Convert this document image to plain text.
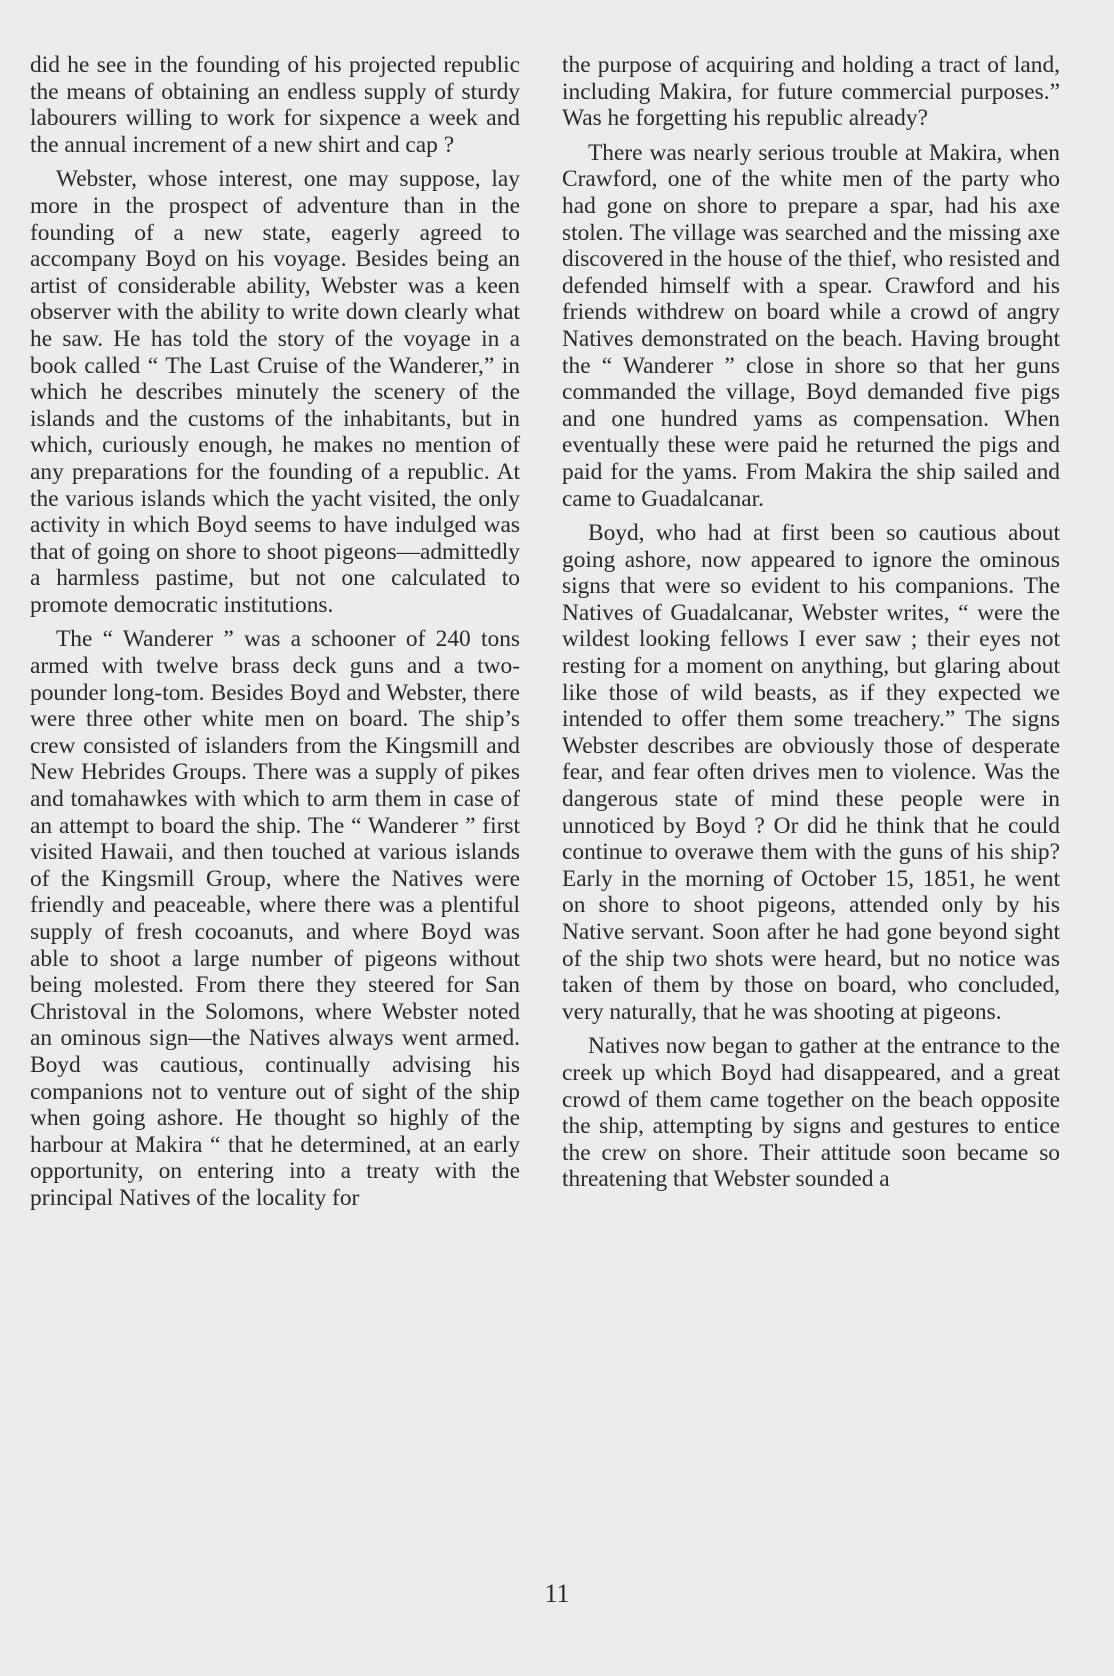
did he see in the founding of his projected republic the means of obtaining an endless supply of sturdy labourers willing to work for sixpence a week and the annual increment of a new shirt and cap ?

Webster, whose interest, one may suppose, lay more in the prospect of adventure than in the founding of a new state, eagerly agreed to accompany Boyd on his voyage. Besides being an artist of considerable ability, Webster was a keen observer with the ability to write down clearly what he saw. He has told the story of the voyage in a book called “ The Last Cruise of the Wanderer,” in which he describes minutely the scenery of the islands and the customs of the inhabitants, but in which, curiously enough, he makes no mention of any preparations for the founding of a republic. At the various islands which the yacht visited, the only activity in which Boyd seems to have indulged was that of going on shore to shoot pigeons—admittedly a harmless pastime, but not one calculated to promote democratic institutions.

The “ Wanderer ” was a schooner of 240 tons armed with twelve brass deck guns and a two-pounder long-tom. Besides Boyd and Webster, there were three other white men on board. The ship’s crew consisted of islanders from the Kingsmill and New Hebrides Groups. There was a supply of pikes and tomahawkes with which to arm them in case of an attempt to board the ship. The “ Wanderer ” first visited Hawaii, and then touched at various islands of the Kingsmill Group, where the Natives were friendly and peaceable, where there was a plentiful supply of fresh cocoanuts, and where Boyd was able to shoot a large number of pigeons without being molested. From there they steered for San Christoval in the Solomons, where Webster noted an ominous sign—the Natives always went armed. Boyd was cautious, continually advising his companions not to venture out of sight of the ship when going ashore. He thought so highly of the harbour at Makira “ that he determined, at an early opportunity, on entering into a treaty with the principal Natives of the locality for

the purpose of acquiring and holding a tract of land, including Makira, for future commercial purposes.” Was he forgetting his republic already?

There was nearly serious trouble at Makira, when Crawford, one of the white men of the party who had gone on shore to prepare a spar, had his axe stolen. The village was searched and the missing axe discovered in the house of the thief, who resisted and defended himself with a spear. Crawford and his friends withdrew on board while a crowd of angry Natives demonstrated on the beach. Having brought the “ Wanderer ” close in shore so that her guns commanded the village, Boyd demanded five pigs and one hundred yams as compensation. When eventually these were paid he returned the pigs and paid for the yams. From Makira the ship sailed and came to Guadalcanar.

Boyd, who had at first been so cautious about going ashore, now appeared to ignore the ominous signs that were so evident to his companions. The Natives of Guadalcanar, Webster writes, “ were the wildest looking fellows I ever saw ; their eyes not resting for a moment on anything, but glaring about like those of wild beasts, as if they expected we intended to offer them some treachery.” The signs Webster describes are obviously those of desperate fear, and fear often drives men to violence. Was the dangerous state of mind these people were in unnoticed by Boyd ? Or did he think that he could continue to overawe them with the guns of his ship? Early in the morning of October 15, 1851, he went on shore to shoot pigeons, attended only by his Native servant. Soon after he had gone beyond sight of the ship two shots were heard, but no notice was taken of them by those on board, who concluded, very naturally, that he was shooting at pigeons.

Natives now began to gather at the entrance to the creek up which Boyd had disappeared, and a great crowd of them came together on the beach opposite the ship, attempting by signs and gestures to entice the crew on shore. Their attitude soon became so threatening that Webster sounded a

11
